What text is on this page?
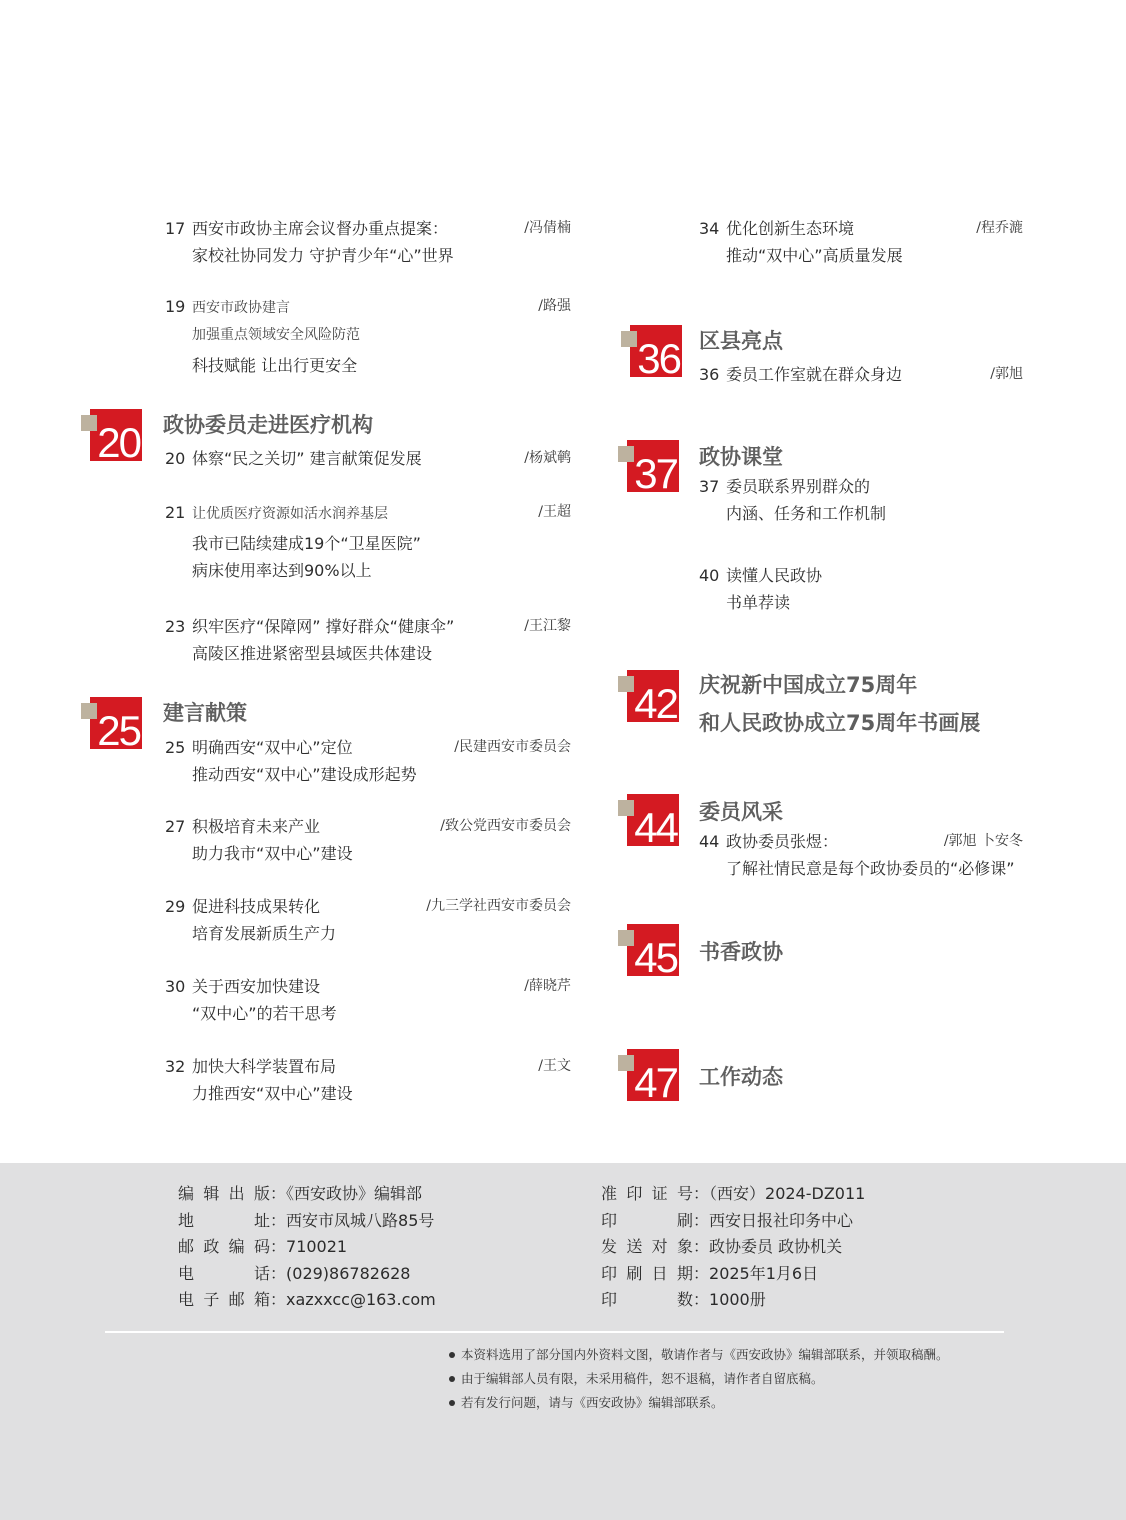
17 西安市政协主席会议督办重点提案：
家校社协同发力 守护青少年“心”世界
/冯倩楠
19 西安市政协建言
加强重点领域安全风险防范
科技赋能 让出行更安全
/路强
20 政协委员走进医疗机构
20 体察“民之关切” 建言献策促发展	/杨斌鹌
21 让优质医疗资源如活水润养基层
我市已陆续建成19个“卫星医院”
病床使用率达到90%以上
/王超
23 织牢医疗“保障网” 撑好群众“健康伞”
高陵区推进紧密型县域医共体建设
/王江黎
25 建言献策
25 明确西安“双中心”定位
推动西安“双中心”建设成形起势
/民建西安市委员会
27 积极培育未来产业
助力我市“双中心”建设
/致公党西安市委员会
29 促进科技成果转化
培育发展新质生产力
/九三学社西安市委员会
30 关于西安加快建设
“双中心”的若干思考
/薛晓芹
32 加快大科学装置布局
力推西安“双中心”建设
/王文
34 优化创新生态环境
推动“双中心”高质量发展
/程乔漉
36 区县亮点
36 委员工作室就在群众身边	/郭旭
37 政协课堂
37 委员联系界别群众的
内涵、任务和工作机制
40 读懂人民政协
书单荐读
42 庆祝新中国成立75周年
和人民政协成立75周年书画展
44 委员风采
44 政协委员张煜：
了解社情民意是每个政协委员的“必修课”
/郭旭 卜安冬
45 书香政协
47 工作动态
编辑出版：《西安政协》编辑部
地址：西安市凤城八路85号
邮政编码：710021
电话：(029)86782628
电子邮箱：xazxxcc@163.com
准印证号：（西安）2024-DZ011
印刷：西安日报社印务中心
发送对象：政协委员 政协机关
印刷日期：2025年1月6日
印数：1000册
本资料选用了部分国内外资料文图，敬请作者与《西安政协》编辑部联系，并领取稿酬。
由于编辑部人员有限，未采用稿件，恕不退稿，请作者自留底稿。
若有发行问题，请与《西安政协》编辑部联系。
